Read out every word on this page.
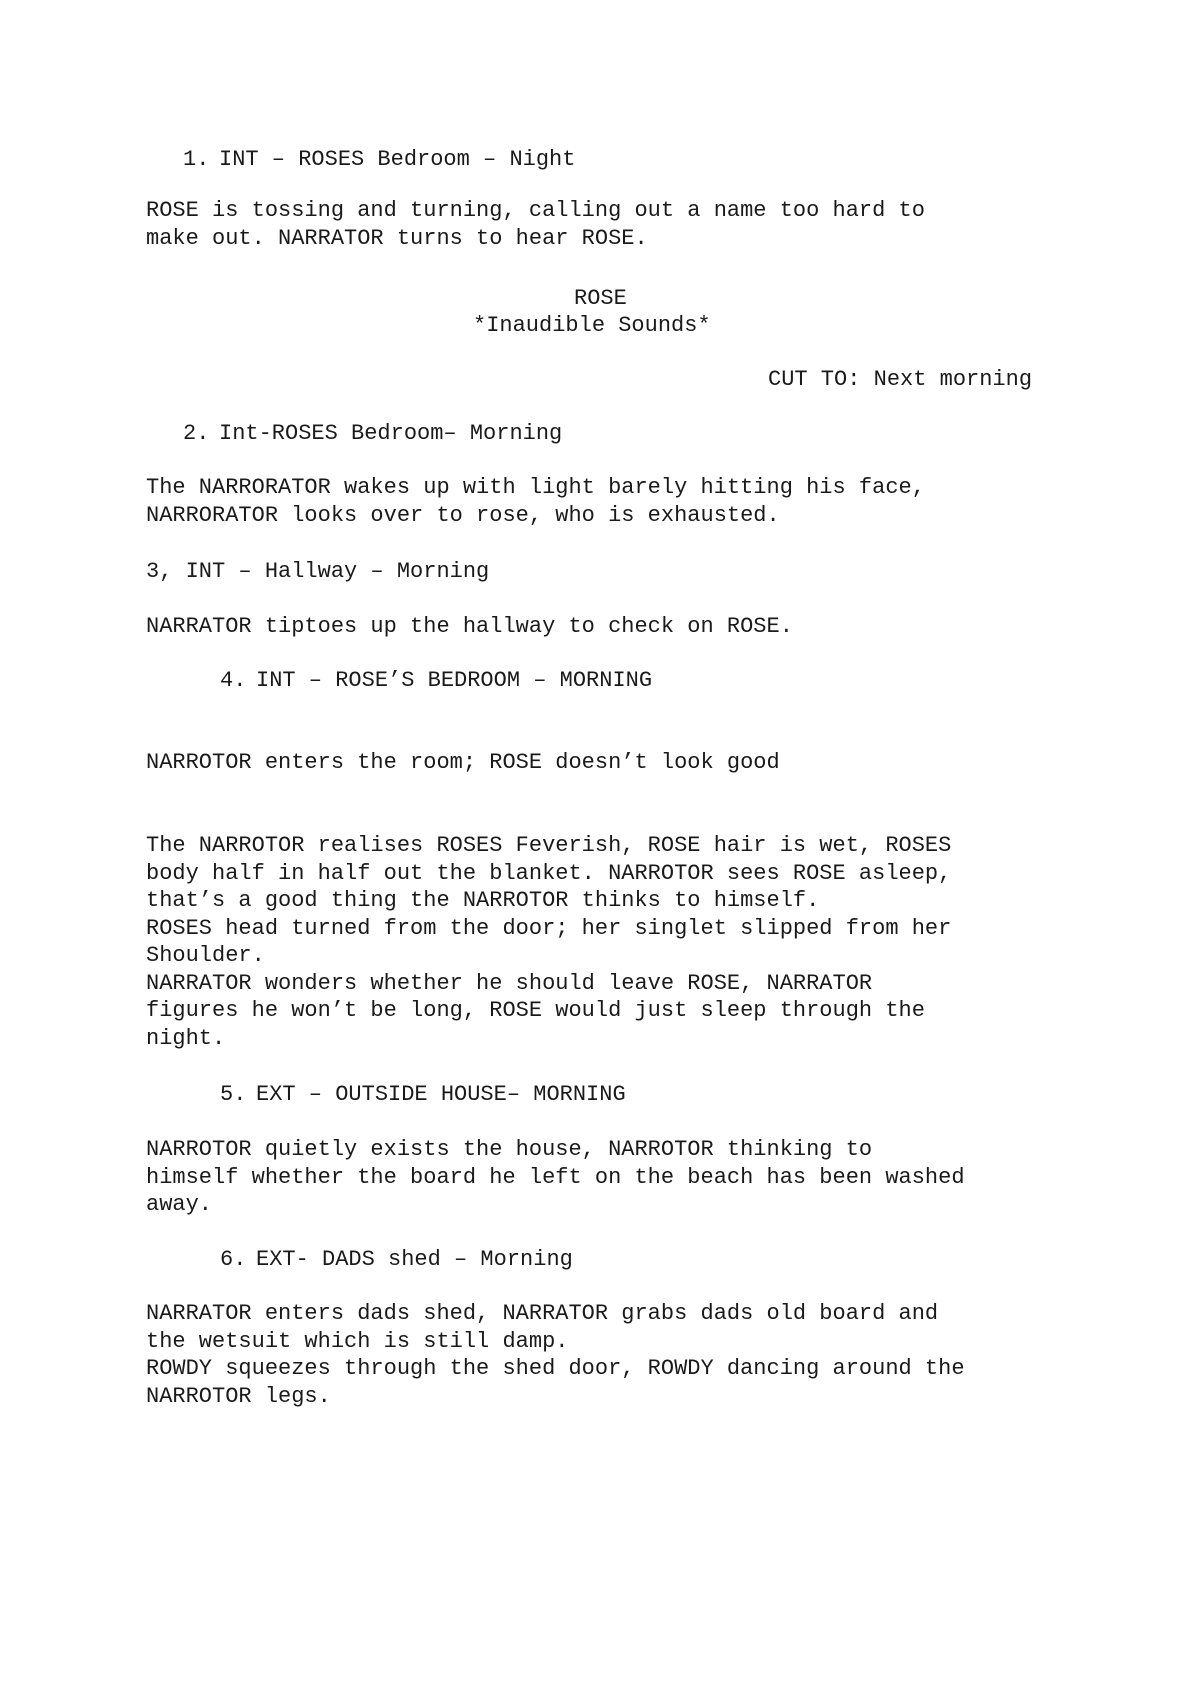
1. INT – ROSES Bedroom – Night
ROSE is tossing and turning, calling out a name too hard to
make out. NARRATOR turns to hear ROSE.
ROSE
*Inaudible Sounds*
CUT TO: Next morning
2. Int-ROSES Bedroom– Morning
The NARRORATOR wakes up with light barely hitting his face,
NARRORATOR looks over to rose, who is exhausted.
3, INT – Hallway – Morning
NARRATOR tiptoes up the hallway to check on ROSE.
4. INT – ROSE’S BEDROOM – MORNING
NARROTOR enters the room; ROSE doesn’t look good
The NARROTOR realises ROSES Feverish, ROSE hair is wet, ROSES
body half in half out the blanket. NARROTOR sees ROSE asleep,
that’s a good thing the NARROTOR thinks to himself.
ROSES head turned from the door; her singlet slipped from her
Shoulder.
NARRATOR wonders whether he should leave ROSE, NARRATOR
figures he won’t be long, ROSE would just sleep through the
night.
5. EXT – OUTSIDE HOUSE– MORNING
NARROTOR quietly exists the house, NARROTOR thinking to
himself whether the board he left on the beach has been washed
away.
6. EXT- DADS shed – Morning
NARRATOR enters dads shed, NARRATOR grabs dads old board and
the wetsuit which is still damp.
ROWDY squeezes through the shed door, ROWDY dancing around the
NARROTOR legs.
